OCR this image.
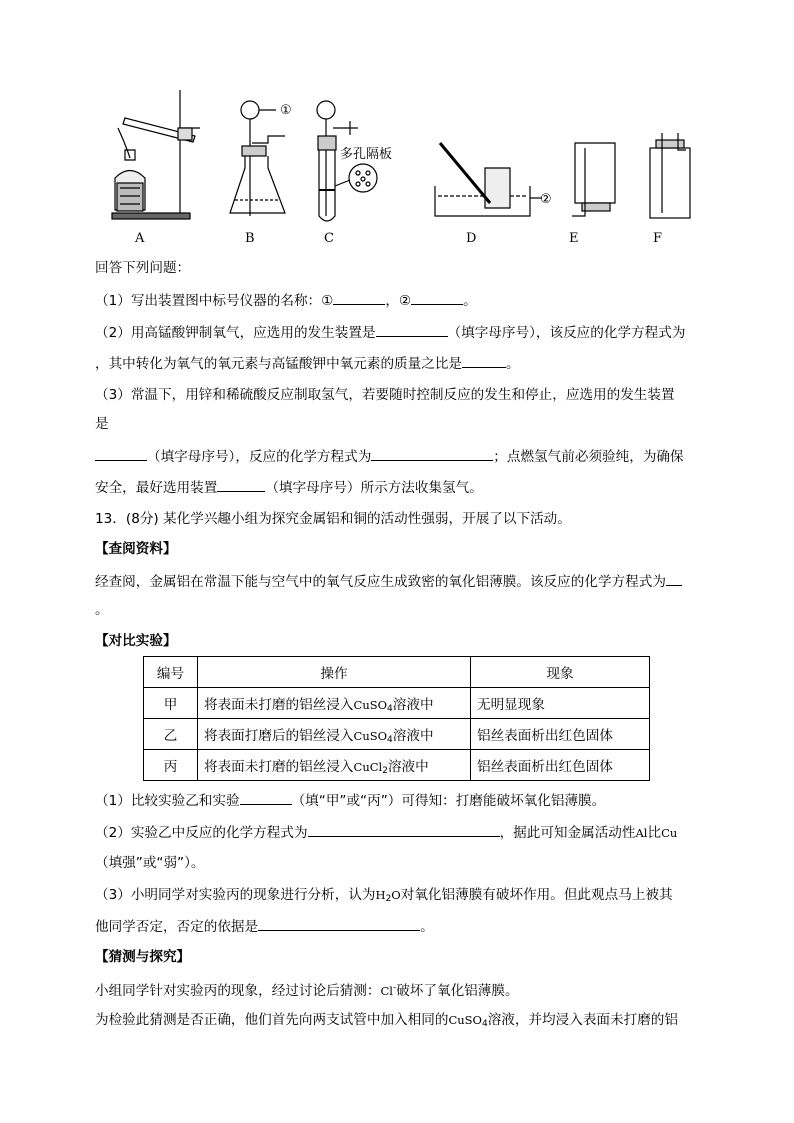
①
②
多孔隔板
A	B	C	D	E	F
回答下列问题：
（1）写出装置图中标号仪器的名称：①	，②	。
（2）用高锰酸钾制氧气，应选用的发生装置是	（填字母序号），该反应的化学方程式为
，其中转化为氧气的氧元素与高锰酸钾中氧元素的质量之比是	。
（3）常温下，用锌和稀硫酸反应制取氢气，若要随时控制反应的发生和停止，应选用的发生装置
是
（填字母序号），反应的化学方程式为	；点燃氢气前必须验纯，为确保
安全，最好选用装置	（填字母序号）所示方法收集氢气。
13．(8分) 某化学兴趣小组为探究金属铝和铜的活动性强弱，开展了以下活动。
【查阅资料】
经查阅，金属铝在常温下能与空气中的氧气反应生成致密的氧化铝薄膜。该反应的化学方程式为
。
【对比实验】
编号	操作	现象
甲	将表面未打磨的铝丝浸入CuSO$_4$溶液中	无明显现象
乙	将表面打磨后的铝丝浸入CuSO$_4$溶液中	铝丝表面析出红色固体
丙	将表面未打磨的铝丝浸入CuCl$_2$溶液中	铝丝表面析出红色固体
（1）比较实验乙和实验	（填“甲”或“丙”）可得知：打磨能破坏氧化铝薄膜。
（2）实验乙中反应的化学方程式为	，据此可知金属活动性Al比Cu
（填强”或“弱”）。
（3）小明同学对实验丙的现象进行分析，认为$H_2O$对氧化铝薄膜有破坏作用。但此观点马上被其
他同学否定，否定的依据是	。
【猜测与探究】
小组同学针对实验丙的现象，经过讨论后猜测：Cl-破坏了氧化铝薄膜。
为检验此猜测是否正确，他们首先向两支试管中加入相同的CuSO$_4$溶液，并均浸入表面未打磨的铝
